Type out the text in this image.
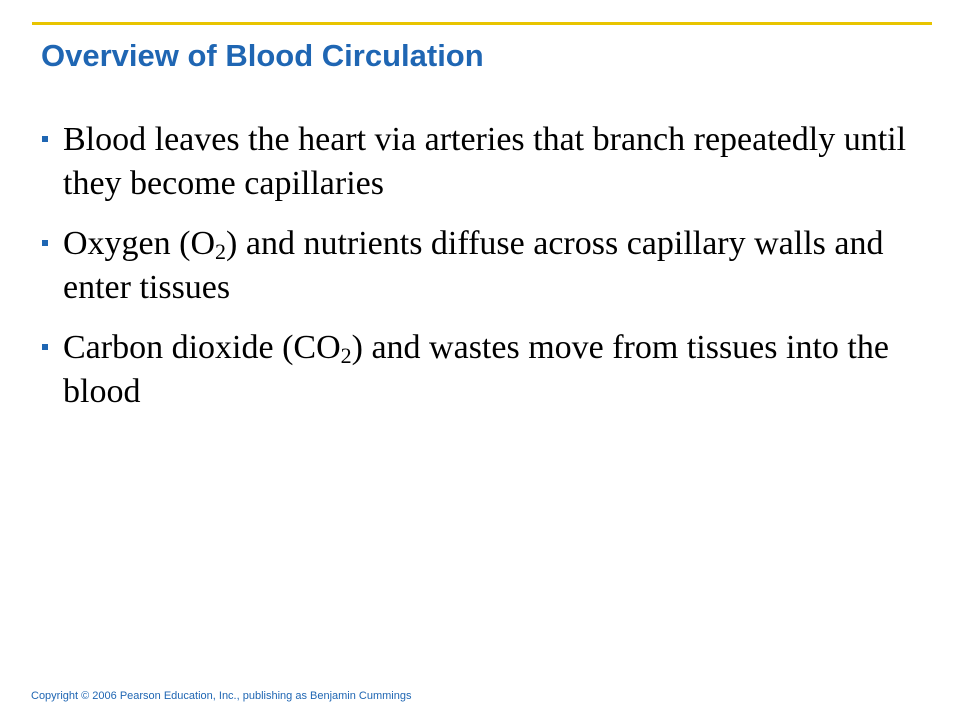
Overview of Blood Circulation
Blood leaves the heart via arteries that branch repeatedly until they become capillaries
Oxygen $(O_2)$ and nutrients diffuse across capillary walls and enter tissues
Carbon dioxide $(CO_2)$ and wastes move from tissues into the blood
Copyright © 2006 Pearson Education, Inc., publishing as Benjamin Cummings
